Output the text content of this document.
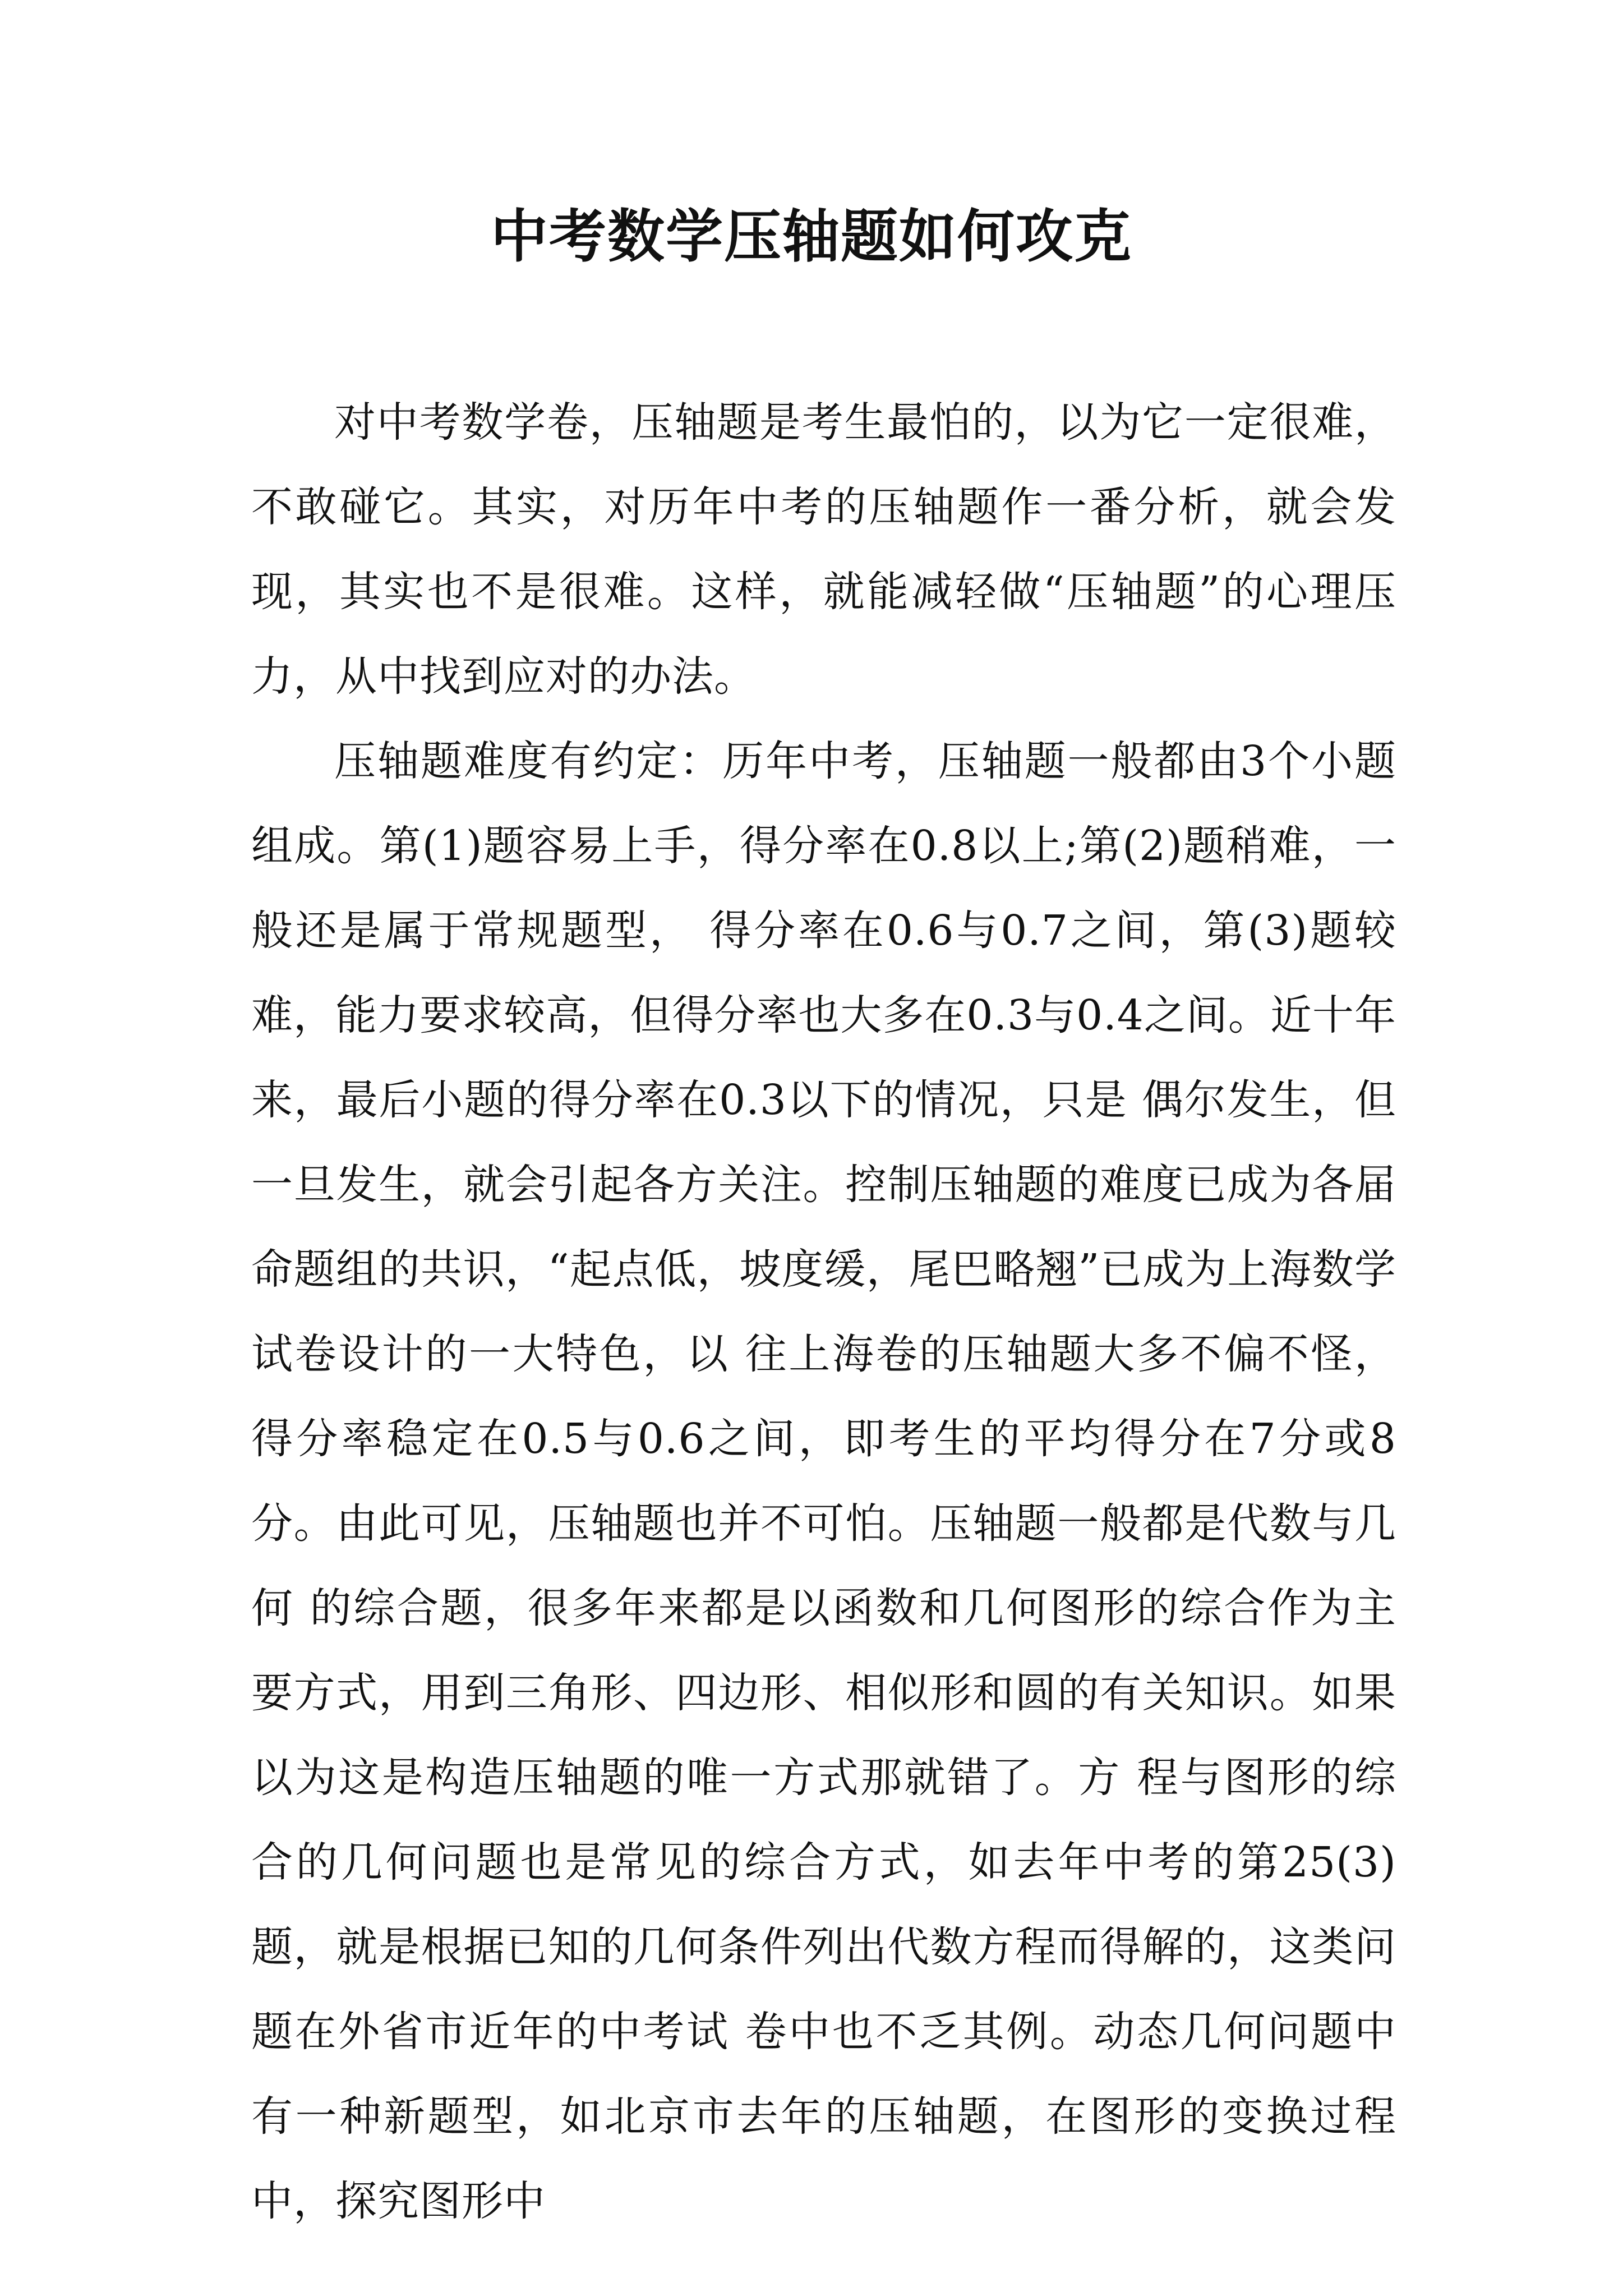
中考数学压轴题如何攻克

对中考数学卷，压轴题是考生最怕的，以为它一定很难，不敢碰它。其实，对历年中考的压轴题作一番分析，就会发现，其实也不是很难。这样，就能减轻做“压轴题”的心理压力，从中找到应对的办法。

压轴题难度有约定：历年中考，压轴题一般都由3个小题组成。第(1)题容易上手，得分率在0.8以上;第(2)题稍难，一般还是属于常规题型， 得分率在0.6与0.7之间，第(3)题较难，能力要求较高，但得分率也大多在0.3与0.4之间。近十年来，最后小题的得分率在0.3以下的情况，只是 偶尔发生，但一旦发生，就会引起各方关注。控制压轴题的难度已成为各届命题组的共识，“起点低，坡度缓，尾巴略翘”已成为上海数学试卷设计的一大特色，以 往上海卷的压轴题大多不偏不怪，得分率稳定在0.5与0.6之间，即考生的平均得分在7分或8分。由此可见，压轴题也并不可怕。压轴题一般都是代数与几何 的综合题，很多年来都是以函数和几何图形的综合作为主要方式，用到三角形、四边形、相似形和圆的有关知识。如果以为这是构造压轴题的唯一方式那就错了。方 程与图形的综合的几何问题也是常见的综合方式，如去年中考的第25(3)题，就是根据已知的几何条件列出代数方程而得解的，这类问题在外省市近年的中考试 卷中也不乏其例。动态几何问题中有一种新题型，如北京市去年的压轴题，在图形的变换过程中，探究图形中
